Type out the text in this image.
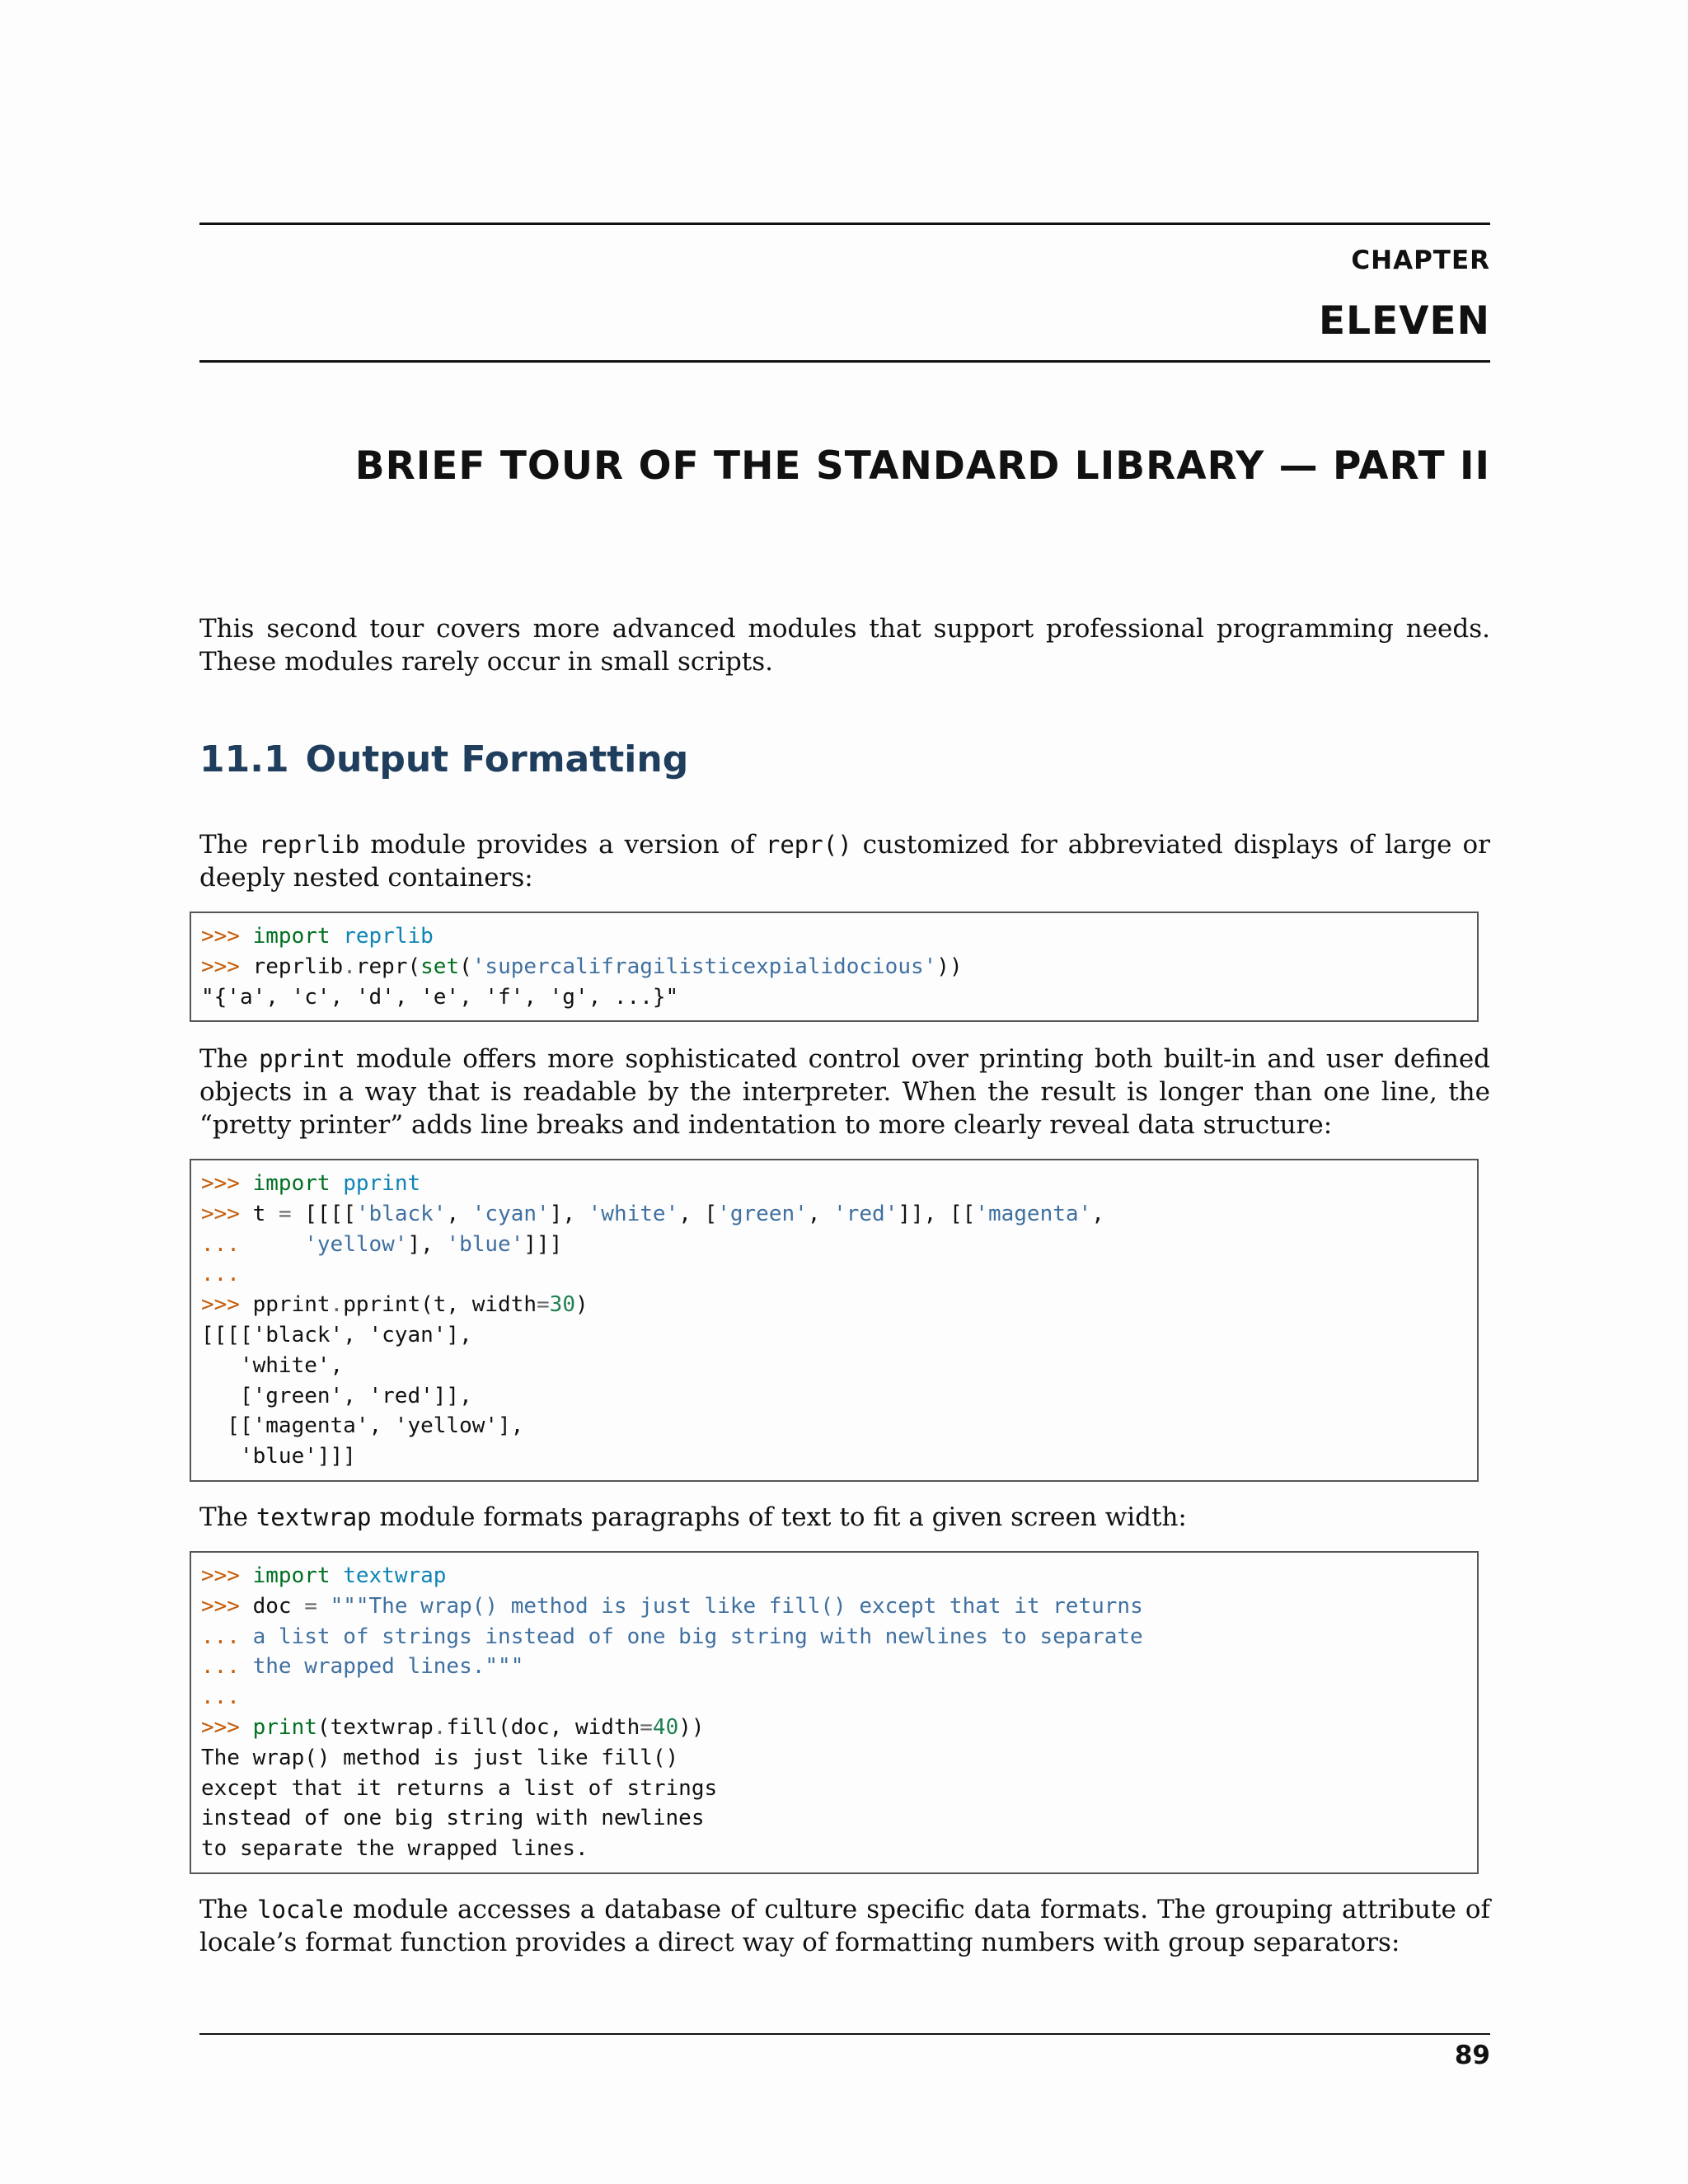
CHAPTER
ELEVEN
BRIEF TOUR OF THE STANDARD LIBRARY — PART II
This second tour covers more advanced modules that support professional programming needs. These modules rarely occur in small scripts.
11.1 Output Formatting
The reprlib module provides a version of repr() customized for abbreviated displays of large or deeply nested containers:
>>> import reprlib
>>> reprlib.repr(set('supercalifragilisticexpialidocious'))
"{'a', 'c', 'd', 'e', 'f', 'g', ...}"
The pprint module offers more sophisticated control over printing both built-in and user defined objects in a way that is readable by the interpreter. When the result is longer than one line, the “pretty printer” adds line breaks and indentation to more clearly reveal data structure:
>>> import pprint
>>> t = [[[['black', 'cyan'], 'white', ['green', 'red']], [['magenta',
...     'yellow'], 'blue']]]
...
>>> pprint.pprint(t, width=30)
[[[['black', 'cyan'],
'white',
['green', 'red']],
[['magenta', 'yellow'],
'blue']]]
The textwrap module formats paragraphs of text to fit a given screen width:
>>> import textwrap
>>> doc = """The wrap() method is just like fill() except that it returns
... a list of strings instead of one big string with newlines to separate
... the wrapped lines."""
...
>>> print(textwrap.fill(doc, width=40))
The wrap() method is just like fill()
except that it returns a list of strings
instead of one big string with newlines
to separate the wrapped lines.
The locale module accesses a database of culture specific data formats. The grouping attribute of locale’s format function provides a direct way of formatting numbers with group separators:
89
